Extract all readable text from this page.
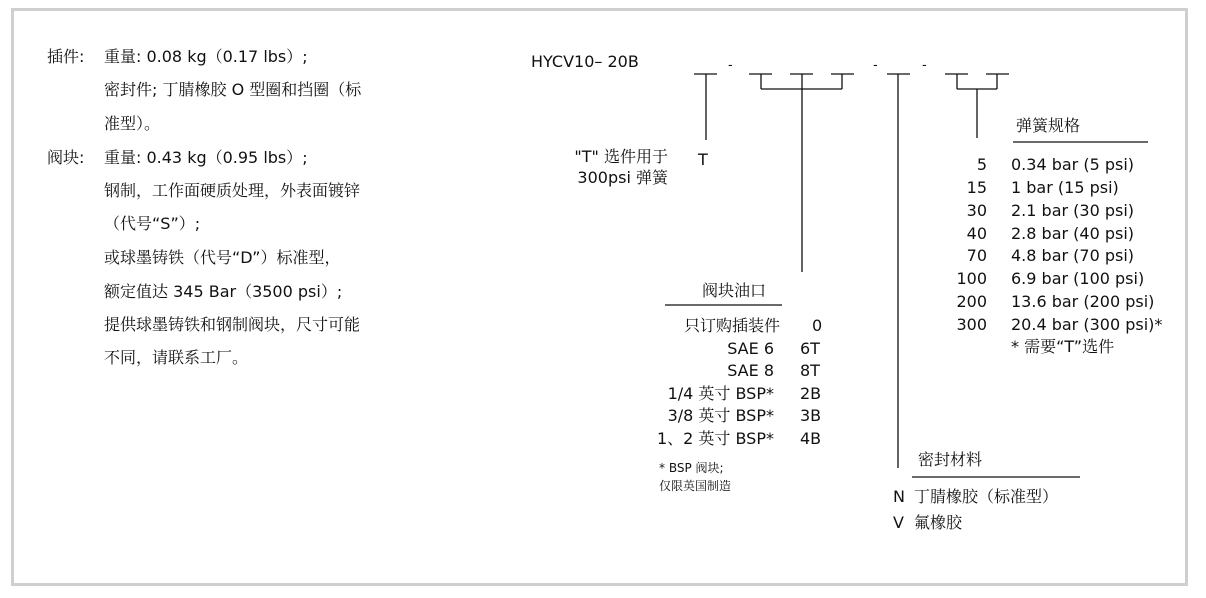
插件: 重量: 0.08 kg（0.17 lbs）;
密封件; 丁腈橡胶 O 型圈和挡圈（标
准型）。
阀块: 重量: 0.43 kg（0.95 lbs）;
钢制，工作面硬质处理，外表面镀锌
（代号“S”）;
或球墨铸铁（代号“D”）标准型，
额定值达 345 Bar（3500 psi）;
提供球墨铸铁和钢制阀块，尺寸可能
不同，请联系工厂。
HYCV10– 20B	-	-	-
"T" 选件用于
300psi 弹簧
T
阀块油口
只订购插装件 0
SAE 6 6T
SAE 8 8T
1/4 英寸 BSP* 2B
3/8 英寸 BSP* 3B
1、2 英寸 BSP* 4B
* BSP 阀块;
仅限英国制造
密封材料
N 丁腈橡胶（标准型）
V 氟橡胶
弹簧规格
5 0.34 bar (5 psi)
15 1 bar (15 psi)
30 2.1 bar (30 psi)
40 2.8 bar (40 psi)
70 4.8 bar (70 psi)
100 6.9 bar (100 psi)
200 13.6 bar (200 psi)
300 20.4 bar (300 psi)*
* 需要“T”选件
